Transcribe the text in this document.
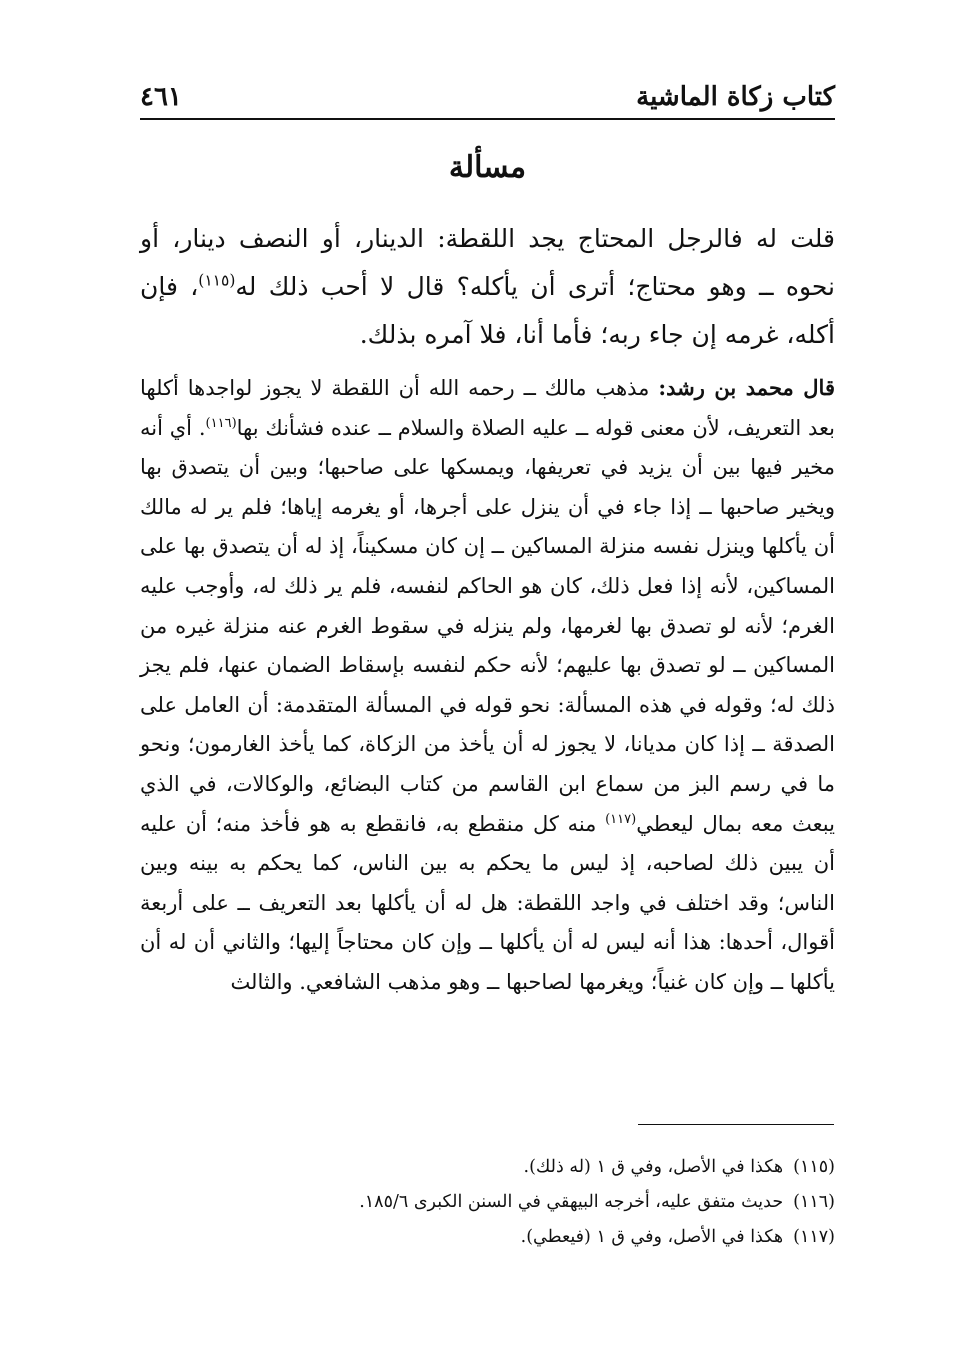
كتاب زكاة الماشية
٤٦١
مسألة

قلت له فالرجل المحتاج يجد اللقطة: الدينار، أو النصف دينار، أو نحوه ــ وهو محتاج؛ أترى أن يأكله؟ قال لا أحب ذلك له$^{(١١٥)}$، فإن أكله، غرمه إن جاء ربه؛ فأما أنا، فلا آمره بذلك.

قال محمد بن رشد: مذهب مالك ــ رحمه الله أن اللقطة لا يجوز لواجدها أكلها بعد التعريف، لأن معنى قوله ــ عليه الصلاة والسلام ــ عنده فشأنك بها$^{(١١٦)}$. أي أنه مخير فيها بين أن يزيد في تعريفها، ويمسكها على صاحبها؛ وبين أن يتصدق بها ويخير صاحبها ــ إذا جاء في أن ينزل على أجرها، أو يغرمه إياها؛ فلم ير له مالك أن يأكلها وينزل نفسه منزلة المساكين ــ إن كان مسكيناً، إذ له أن يتصدق بها على المساكين، لأنه إذا فعل ذلك، كان هو الحاكم لنفسه، فلم ير ذلك له، وأوجب عليه الغرم؛ لأنه لو تصدق بها لغرمها، ولم ينزله في سقوط الغرم عنه منزلة غيره من المساكين ــ لو تصدق بها عليهم؛ لأنه حكم لنفسه بإسقاط الضمان عنها، فلم يجز ذلك له؛ وقوله في هذه المسألة: نحو قوله في المسألة المتقدمة: أن العامل على الصدقة ــ إذا كان مديانا، لا يجوز له أن يأخذ من الزكاة، كما يأخذ الغارمون؛ ونحو ما في رسم البز من سماع ابن القاسم من كتاب البضائع، والوكالات، في الذي يبعث معه بمال ليعطي$^{(١١٧)}$ منه كل منقطع به، فانقطع به هو فأخذ منه؛ أن عليه أن يبين ذلك لصاحبه، إذ ليس ما يحكم به بين الناس، كما يحكم به بينه وبين الناس؛ وقد اختلف في واجد اللقطة: هل له أن يأكلها بعد التعريف ــ على أربعة أقوال، أحدها: هذا أنه ليس له أن يأكلها ــ وإن كان محتاجاً إليها؛ والثاني أن له أن يأكلها ــ وإن كان غنياً؛ ويغرمها لصاحبها ــ وهو مذهب الشافعي. والثالث

(١١٥)هكذا في الأصل، وفي ق ١ (له ذلك).
(١١٦)حديث متفق عليه، أخرجه البيهقي في السنن الكبرى ١٨٥/٦.
(١١٧)هكذا في الأصل، وفي ق ١ (فيعطي).
